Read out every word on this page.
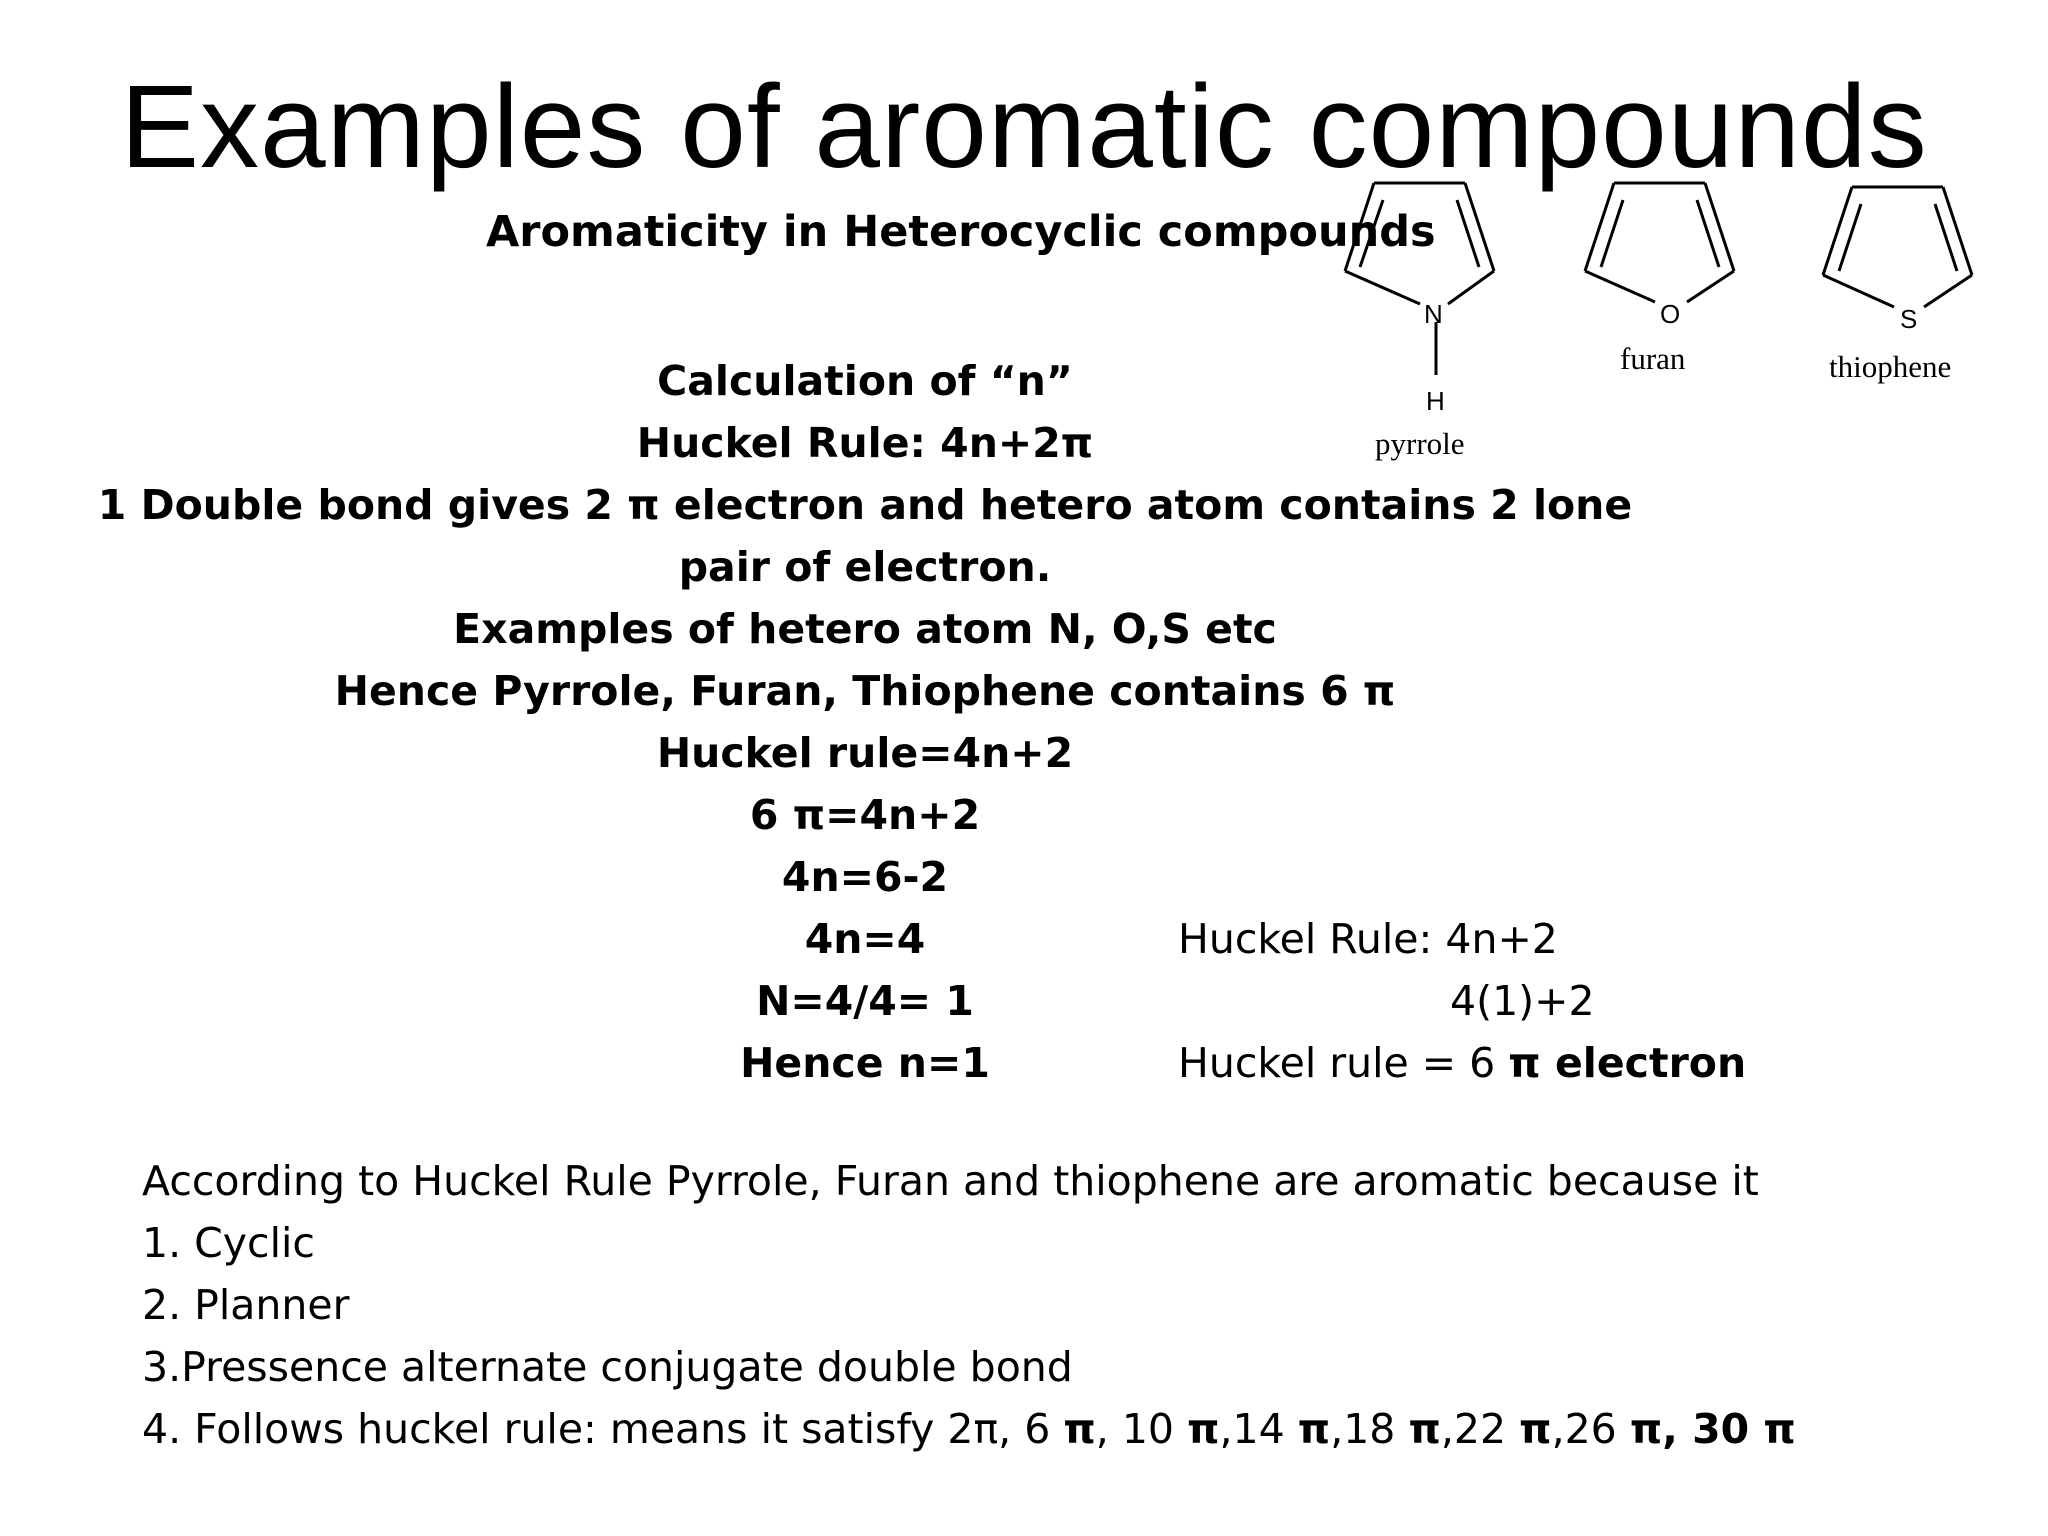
Examples of aromatic compounds
Aromaticity in Heterocyclic compounds
N
H
pyrrole
O
furan
S
thiophene
Calculation of “n”
Huckel Rule: 4n+2π
1 Double bond gives 2 π electron and hetero atom contains 2 lone pair of electron.
Examples of hetero atom N, O,S etc
Hence Pyrrole, Furan, Thiophene contains 6 π
Huckel rule=4n+2
6 π=4n+2
4n=6-2
4n=4
N=4/4= 1
Hence n=1
Huckel Rule: 4n+2
4(1)+2
Huckel rule = 6 π electron
According to Huckel Rule Pyrrole, Furan and thiophene are aromatic because it
1. Cyclic
2. Planner
3.Pressence alternate conjugate double bond
4. Follows huckel rule: means it satisfy 2π, 6 π, 10 π,14 π,18 π,22 π,26 π, 30 π
